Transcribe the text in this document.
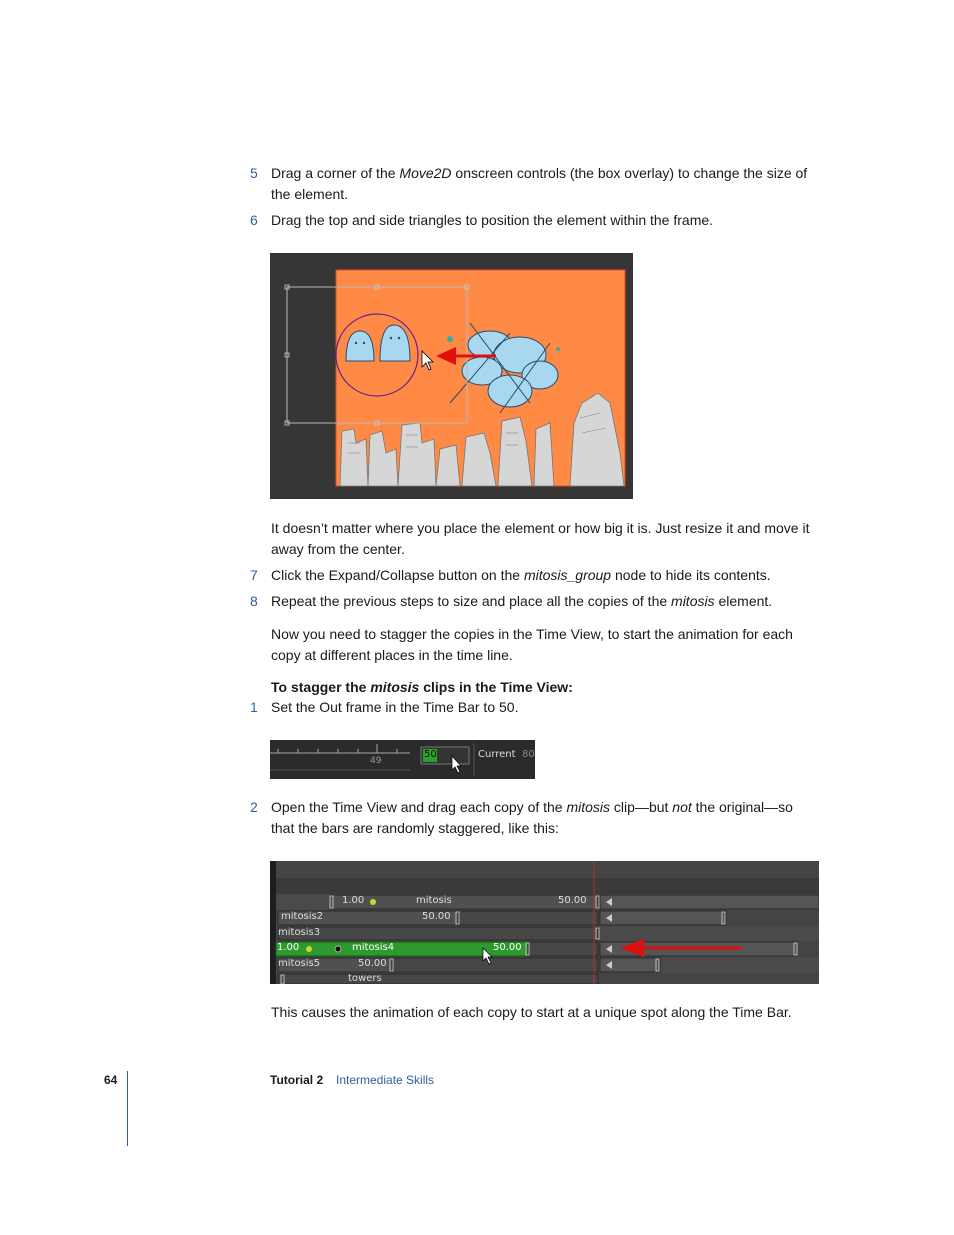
5 Drag a corner of the Move2D onscreen controls (the box overlay) to change the size of the element.
6 Drag the top and side triangles to position the element within the frame.
It doesn’t matter where you place the element or how big it is. Just resize it and move it away from the center.
7 Click the Expand/Collapse button on the mitosis_group node to hide its contents.
8 Repeat the previous steps to size and place all the copies of the mitosis element.
Now you need to stagger the copies in the Time View, to start the animation for each copy at different places in the time line.
To stagger the mitosis clips in the Time View:
1 Set the Out frame in the Time Bar to 50.
49
50	Current 80
2 Open the Time View and drag each copy of the mitosis clip—but not the original—so that the bars are randomly staggered, like this:
1.00	mitosis	50.00
mitosis2	50.00
mitosis3
1.00	mitosis4	50.00
mitosis5	50.00
towers
This causes the animation of each copy to start at a unique spot along the Time Bar.
64	Tutorial 2 Intermediate Skills
